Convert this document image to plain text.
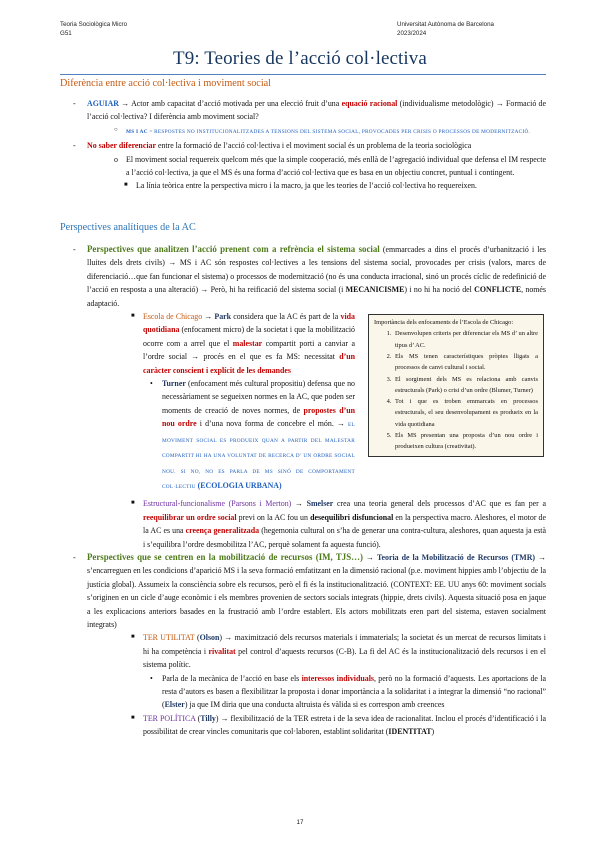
Teoria Sociològica Micro
G51
Universitat Autònoma de Barcelona
2023/2024
T9: Teories de l’acció col·lectiva
Diferència entre acció col·lectiva i moviment social
- AGUIAR → Actor amb capacitat d’acció motivada per una elecció fruit d’una equació racional (individualisme metodològic) → Formació de l’acció col·lectiva? I diferència amb moviment social?
○ MS I AC = RESPOSTES NO INSTITUCIONALITZADES A TENSIONS DEL SISTEMA SOCIAL, PROVOCADES PER CRISIS O PROCESSOS DE MODERNITZACIÓ.
- No saber diferenciar entre la formació de l’acció col·lectiva i el moviment social és un problema de la teoria sociològica
o El moviment social requereix quelcom més que la simple cooperació, més enllà de l’agregació individual que defensa el IM respecte a l’acció col·lectiva, ja que el MS és una forma d’acció col·lectiva que es basa en un objectiu concret, puntual i contingent.
■ La línia teòrica entre la perspectiva micro i la macro, ja que les teories de l’acció col·lectiva ho requereixen.
Perspectives analítiques de la AC
- Perspectives que analitzen l’acció prenent com a refrència el sistema social (emmarcades a dins el procés d’urbanització i les lluites dels drets civils) → MS i AC són respostes col·lectives a les tensions del sistema social, provocades per crisis (valors, marcs de diferenciació…que fan funcionar el sistema) o processos de modernització (no és una conducta irracional, sinó un procés cíclic de redefinició de l’acció en resposta a una alteració) → Però, hi ha reificació del sistema social (i MECANICISME) i no hi ha noció del CONFLICTE, només adaptació.
Importància dels enfocaments de l’Escola de Chicago:
1. Desenvolupen criteris per diferenciar els MS d’ un altre tipus d’ AC.
2. Els MS tenen característiques pròpies lligats a processos de canvi cultural i social.
3. El sorgiment dels MS es relaciona amb canvis estructurals (Park) o crisi d’un ordre (Blumer, Turner)
4. Tot i que es troben emmarcats en processos estructurals, el seu desenvolupament es produeix en la vida quotidiana
5. Els MS presentan una proposta d’un nou ordre i produeixen cultura (creativitat).
■ Escola de Chicago → Park considera que la AC és part de la vida quotidiana (enfocament micro) de la societat i que la mobilització ocorre com a arrel que el malestar compartit porti a canviar a l’ordre social → procés en el que es fa MS: necessitat d’un caràcter conscient i explícit de les demandes
• Turner (enfocament més cultural propositiu) defensa que no necessàriament se segueixen normes en la AC, que poden ser moments de creació de noves normes, de propostes d’un nou ordre i d’una nova forma de concebre el món. → EL MOVIMENT SOCIAL ES PRODUEIX QUAN A PARTIR DEL MALESTAR COMPARTIT HI HA UNA VOLUNTAT DE RECERCA D’ UN ORDRE SOCIAL NOU. SI NO, NO ES PARLA DE MS SINÓ DE COMPORTAMENT COL·LECTIU (ECOLOGIA URBANA)
■ Estructural-funcionalisme (Parsons i Merton) → Smelser crea una teoria general dels processos d’AC que es fan per a reequilibrar un ordre social previ on la AC fou un desequilibri disfuncional en la perspectiva macro. Aleshores, el motor de la AC es una creença generalitzada (hegemonia cultural on s’ha de generar una contra-cultura, aleshores, quan aquesta ja està i s’equilibra l’ordre desmobilitza l’AC, perquè solament fa aquesta funció).
- Perspectives que se centren en la mobilització de recursos (IM, TJS…) → Teoria de la Mobilització de Recursos (TMR) → s’encarreguen en les condicions d’aparició MS i la seva formació emfatitzant en la dimensió racional (p.e. moviment hippies amb l’objectiu de la justícia global). Assumeix la consciència sobre els recursos, però el fi és la institucionalització. (CONTEXT: EE. UU anys 60: moviment socials s’originen en un cicle d’auge econòmic i els membres provenien de sectors socials integrats (hippie, drets civils). Aquesta situació posa en jaque a les explicacions anteriors basades en la frustració amb l’ordre establert. Els actors mobilitzats eren part del sistema, estaven socialment integrats)
■ TER UTILITAT (Olson) → maximització dels recursos materials i immaterials; la societat és un mercat de recursos limitats i hi ha competència i rivalitat pel control d’aquests recursos (C-B). La fi del AC és la institucionalització dels recursos i en el sistema polític.
• Parla de la mecànica de l’acció en base els interessos individuals, però no la formació d’aquests. Les aportacions de la resta d’autors es basen a flexibilitzar la proposta i donar importància a la solidaritat i a integrar la dimensió “no racional” (Elster) ja que IM diria que una conducta altruista és vàlida si es correspon amb creences
■ TER POLÍTICA (Tilly) → flexibilització de la TER estreta i de la seva idea de racionalitat. Inclou el procés d’identificació i la possibilitat de crear vincles comunitaris que col·laboren, establint solidaritat (IDENTITAT)
17
